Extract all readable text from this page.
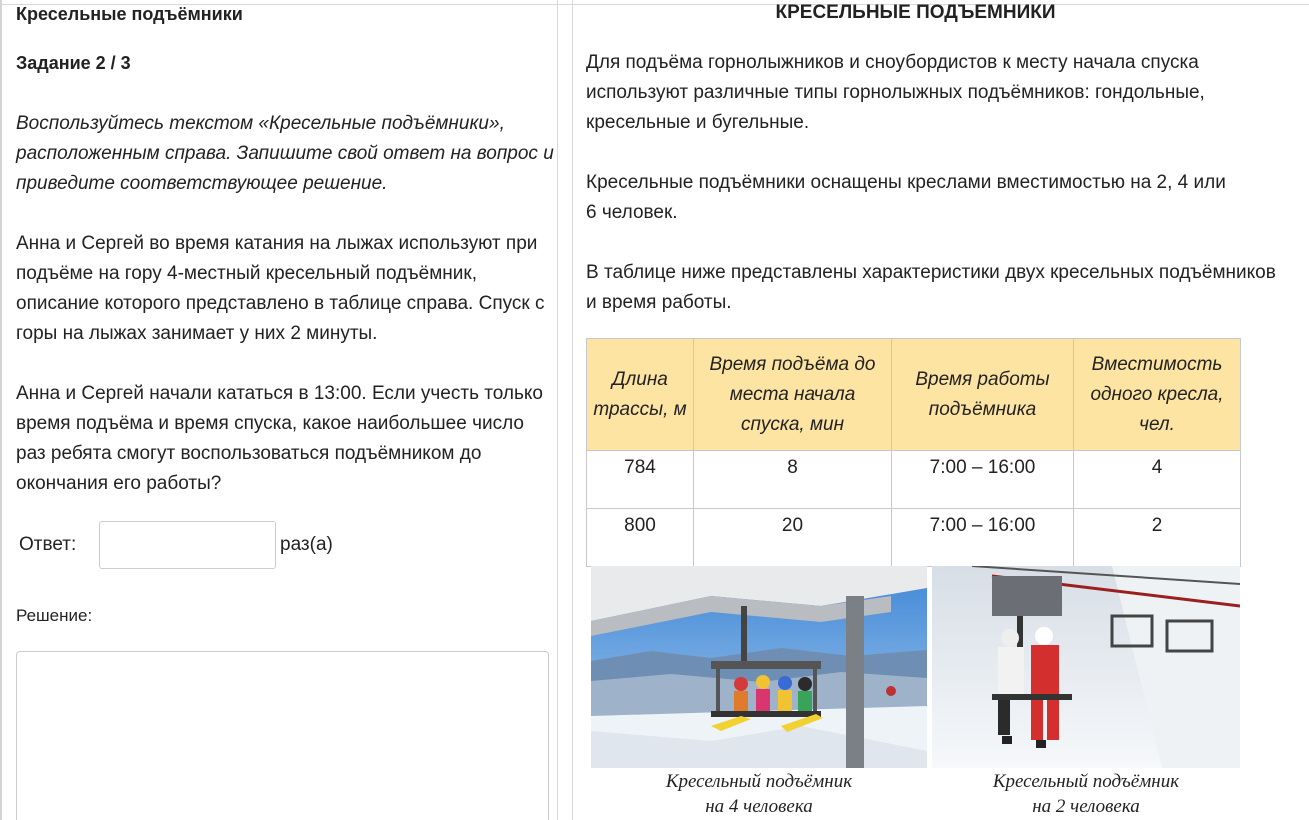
Кресельные подъёмники
Задание 2 / 3

Воспользуйтесь текстом «Кресельные подъёмники», расположенным справа. Запишите свой ответ на вопрос и приведите соответствующее решение.

Анна и Сергей во время катания на лыжах используют при подъёме на гору 4-местный кресельный подъёмник, описание которого представлено в таблице справа. Спуск с горы на лыжах занимает у них 2 минуты.

Анна и Сергей начали кататься в 13:00. Если учесть только время подъёма и время спуска, какое наибольшее число раз ребята смогут воспользоваться подъёмником до окончания его работы?

Ответ:	раз(а)
Решение:
КРЕСЕЛЬНЫЕ ПОДЪЕМНИКИ

Для подъёма горнолыжников и сноубордистов к месту начала спуска
используют различные типы горнолыжных подъёмников: гондольные,
кресельные и бугельные.

Кресельные подъёмники оснащены креслами вместимостью на 2, 4 или
6 человек.

В таблице ниже представлены характеристики двух кресельных подъёмников
и время работы.

Длина трассы, м	Время подъёма до места начала спуска, мин	Время работы подъёмника	Вместимость одного кресла, чел.
784	8	7:00 – 16:00	4
800	20	7:00 – 16:00	2
Кресельный подъёмник
на 4 человека
Кресельный подъёмник
на 2 человека
